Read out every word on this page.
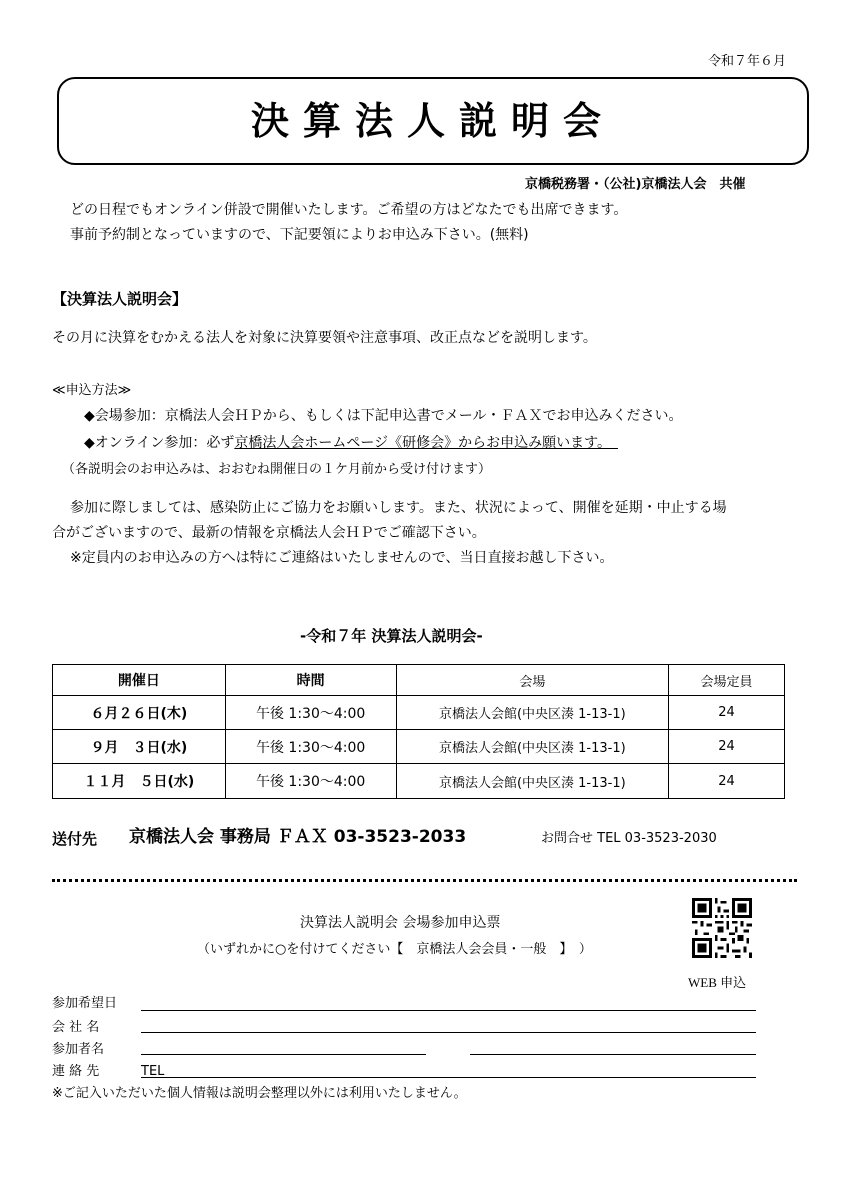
令和７年６月
決算法人説明会
京橋税務署・（公社)京橋法人会　共催
どの日程でもオンライン併設で開催いたします。ご希望の方はどなたでも出席できます。
事前予約制となっていますので、下記要領によりお申込み下さい。(無料)
【決算法人説明会】
その月に決算をむかえる法人を対象に決算要領や注意事項、改正点などを説明します。
≪申込方法≫
◆会場参加：京橋法人会ＨＰから、もしくは下記申込書でメール・ＦＡＸでお申込みください。
◆オンライン参加：必ず京橋法人会ホームページ《研修会》からお申込み願います。　
（各説明会のお申込みは、おおむね開催日の１ケ月前から受け付けます）
参加に際しましては、感染防止にご協力をお願いします。また、状況によって、開催を延期・中止する場
合がございますので、最新の情報を京橋法人会ＨＰでご確認下さい。
※定員内のお申込みの方へは特にご連絡はいたしませんので、当日直接お越し下さい。
-令和７年 決算法人説明会-
開催日	時間	会場	会場定員
６月２６日(木)	午後 1:30～4:00	京橋法人会館(中央区湊 1-13-1)	24
９月　３日(水)	午後 1:30～4:00	京橋法人会館(中央区湊 1-13-1)	24
１１月　５日(水)	午後 1:30～4:00	京橋法人会館(中央区湊 1-13-1)	24
送付先 京橋法人会 事務局 ＦＡＸ 03-3523-2033	お問合せ TEL 03-3523-2030
決算法人説明会 会場参加申込票
（いずれかに○を付けてください【　京橋法人会会員・一般　】　）
WEB 申込
参加希望日
会 社 名
参加者名
連 絡 先	TEL
※ご記入いただいた個人情報は説明会整理以外には利用いたしません。
